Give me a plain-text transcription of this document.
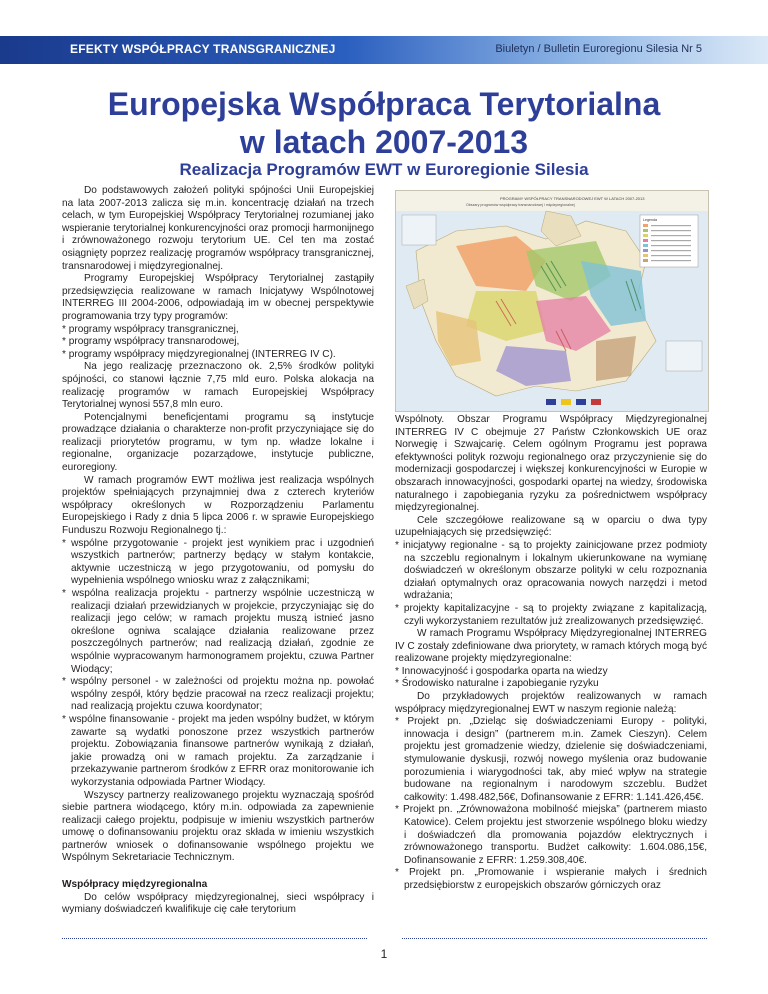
EFEKTY WSPÓŁPRACY TRANSGRANICZNEJ	Biuletyn / Bulletin Euroregionu Silesia Nr 5
Europejska Współpraca Terytorialna
w latach 2007-2013
Realizacja Programów EWT w Euroregionie Silesia

Do podstawowych założeń polityki spójności Unii Europejskiej na lata 2007-2013 zalicza się m.in. koncentrację działań na trzech celach, w tym Europejskiej Współpracy Terytorialnej rozumianej jako wspieranie terytorialnej konkurencyjności oraz promocji harmonijnego i zrównoważonego rozwoju terytorium UE. Cel ten ma zostać osiągnięty poprzez realizację programów współpracy transgranicznej, transnarodowej i międzyregionalnej.

Programy Europejskiej Współpracy Terytorialnej zastąpiły przedsięwzięcia realizowane w ramach Inicjatywy Wspólnotowej INTERREG III 2004-2006, odpowiadają im w obecnej perspektywie programowania trzy typy programów:

* programy współpracy transgranicznej,

* programy współpracy transnarodowej,

* programy współpracy międzyregionalnej (INTERREG IV C).

Na jego realizację przeznaczono ok. 2,5% środków polityki spójności, co stanowi łącznie 7,75 mld euro. Polska alokacja na realizację programów w ramach Europejskiej Współpracy Terytorialnej wynosi 557,8 mln euro.

Potencjalnymi beneficjentami programu są instytucje prowadzące działania o charakterze non-profit przyczyniające się do realizacji priorytetów programu, w tym np. władze lokalne i regionalne, organizacje pozarządowe, instytucje publiczne, euroregiony.

W ramach programów EWT możliwa jest realizacja wspólnych projektów spełniających przynajmniej dwa z czterech kryteriów współpracy określonych w Rozporządzeniu Parlamentu Europejskiego i Rady z dnia 5 lipca 2006 r. w sprawie Europejskiego Funduszu Rozwoju Regionalnego tj.:

* wspólne przygotowanie - projekt jest wynikiem prac i uzgodnień wszystkich partnerów; partnerzy będący w stałym kontakcie, aktywnie uczestniczą w jego przygotowaniu, od pomysłu do wypełnienia wspólnego wniosku wraz z załącznikami;

* wspólna realizacja projektu - partnerzy wspólnie uczestniczą w realizacji działań przewidzianych w projekcie, przyczyniając się do realizacji jego celów; w ramach projektu muszą istnieć jasno określone ogniwa scalające działania realizowane przez poszczególnych partnerów; nad realizacją działań, zgodnie ze wspólnie wypracowanym harmonogramem projektu, czuwa Partner Wiodący;

* wspólny personel - w zależności od projektu można np. powołać wspólny zespół, który będzie pracował na rzecz realizacji projektu; nad realizacją projektu czuwa koordynator;

* wspólne finansowanie - projekt ma jeden wspólny budżet, w którym zawarte są wydatki ponoszone przez wszystkich partnerów projektu. Zobowiązania finansowe partnerów wynikają z działań, jakie prowadzą oni w ramach projektu. Za zarządzanie i przekazywanie partnerom środków z EFRR oraz monitorowanie ich wykorzystania odpowiada Partner Wiodący.

Wszyscy partnerzy realizowanego projektu wyznaczają spośród siebie partnera wiodącego, który m.in. odpowiada za zapewnienie realizacji całego projektu, podpisuje w imieniu wszystkich partnerów umowę o dofinansowaniu projektu oraz składa w imieniu wszystkich partnerów wniosek o dofinansowanie wspólnego projektu we Wspólnym Sekretariacie Technicznym.

Współpracy międzyregionalna

Do celów współpracy międzyregionalnej, sieci współpracy i wymiany doświadczeń kwalifikuje cię całe terytorium

PROGRAMY WSPÓŁPRACY TRANSNARODOWEJ EWT W LATACH 2007-2013
Obszary programów współpracy transnarodowej i międzyregionalnej
Legenda

Wspólnoty. Obszar Programu Współpracy Międzyregionalnej INTERREG IV C obejmuje 27 Państw Członkowskich UE oraz Norwegię i Szwajcarię. Celem ogólnym Programu jest poprawa efektywności polityk rozwoju regionalnego oraz przyczynienie się do modernizacji gospodarczej i większej konkurencyjności w Europie w obszarach innowacyjności, gospodarki opartej na wiedzy, środowiska naturalnego i zapobiegania ryzyku za pośrednictwem współpracy międzyregionalnej.

Cele szczegółowe realizowane są w oparciu o dwa typy uzupełniających się przedsięwzięć:

* inicjatywy regionalne - są to projekty zainicjowane przez podmioty na szczeblu regionalnym i lokalnym ukierunkowane na wymianę doświadczeń w określonym obszarze polityki w celu rozpoznania działań optymalnych oraz opracowania nowych narzędzi i metod wdrażania;

* projekty kapitalizacyjne - są to projekty związane z kapitalizacją, czyli wykorzystaniem rezultatów już zrealizowanych przedsięwzięć.

W ramach Programu Współpracy Międzyregionalnej INTERREG IV C zostały zdefiniowane dwa priorytety, w ramach których mogą być realizowane projekty międzyregionalne:

* Innowacyjność i gospodarka oparta na wiedzy

* Środowisko naturalne i zapobieganie ryzyku

Do przykładowych projektów realizowanych w ramach współpracy międzyregionalnej EWT w naszym regionie należą:

* Projekt pn. „Dzieląc się doświadczeniami Europy - polityki, innowacja i design” (partnerem m.in. Zamek Cieszyn). Celem projektu jest gromadzenie wiedzy, dzielenie się doświadczeniami, stymulowanie dyskusji, rozwój nowego myślenia oraz budowanie porozumienia i wiarygodności tak, aby mieć wpływ na strategie budowane na regionalnym i narodowym szczeblu. Budżet całkowity: 1.498.482,56€, Dofinansowanie z EFRR: 1.141.426,45€.

* Projekt pn. „Zrównoważona mobilność miejska” (partnerem miasto Katowice). Celem projektu jest stworzenie wspólnego bloku wiedzy i doświadczeń dla promowania pojazdów elektrycznych i zrównoważonego transportu. Budżet całkowity: 1.604.086,15€, Dofinansowanie z EFRR: 1.259.308,40€.

* Projekt pn. „Promowanie i wspieranie małych i średnich przedsiębiorstw z europejskich obszarów górniczych oraz

1
